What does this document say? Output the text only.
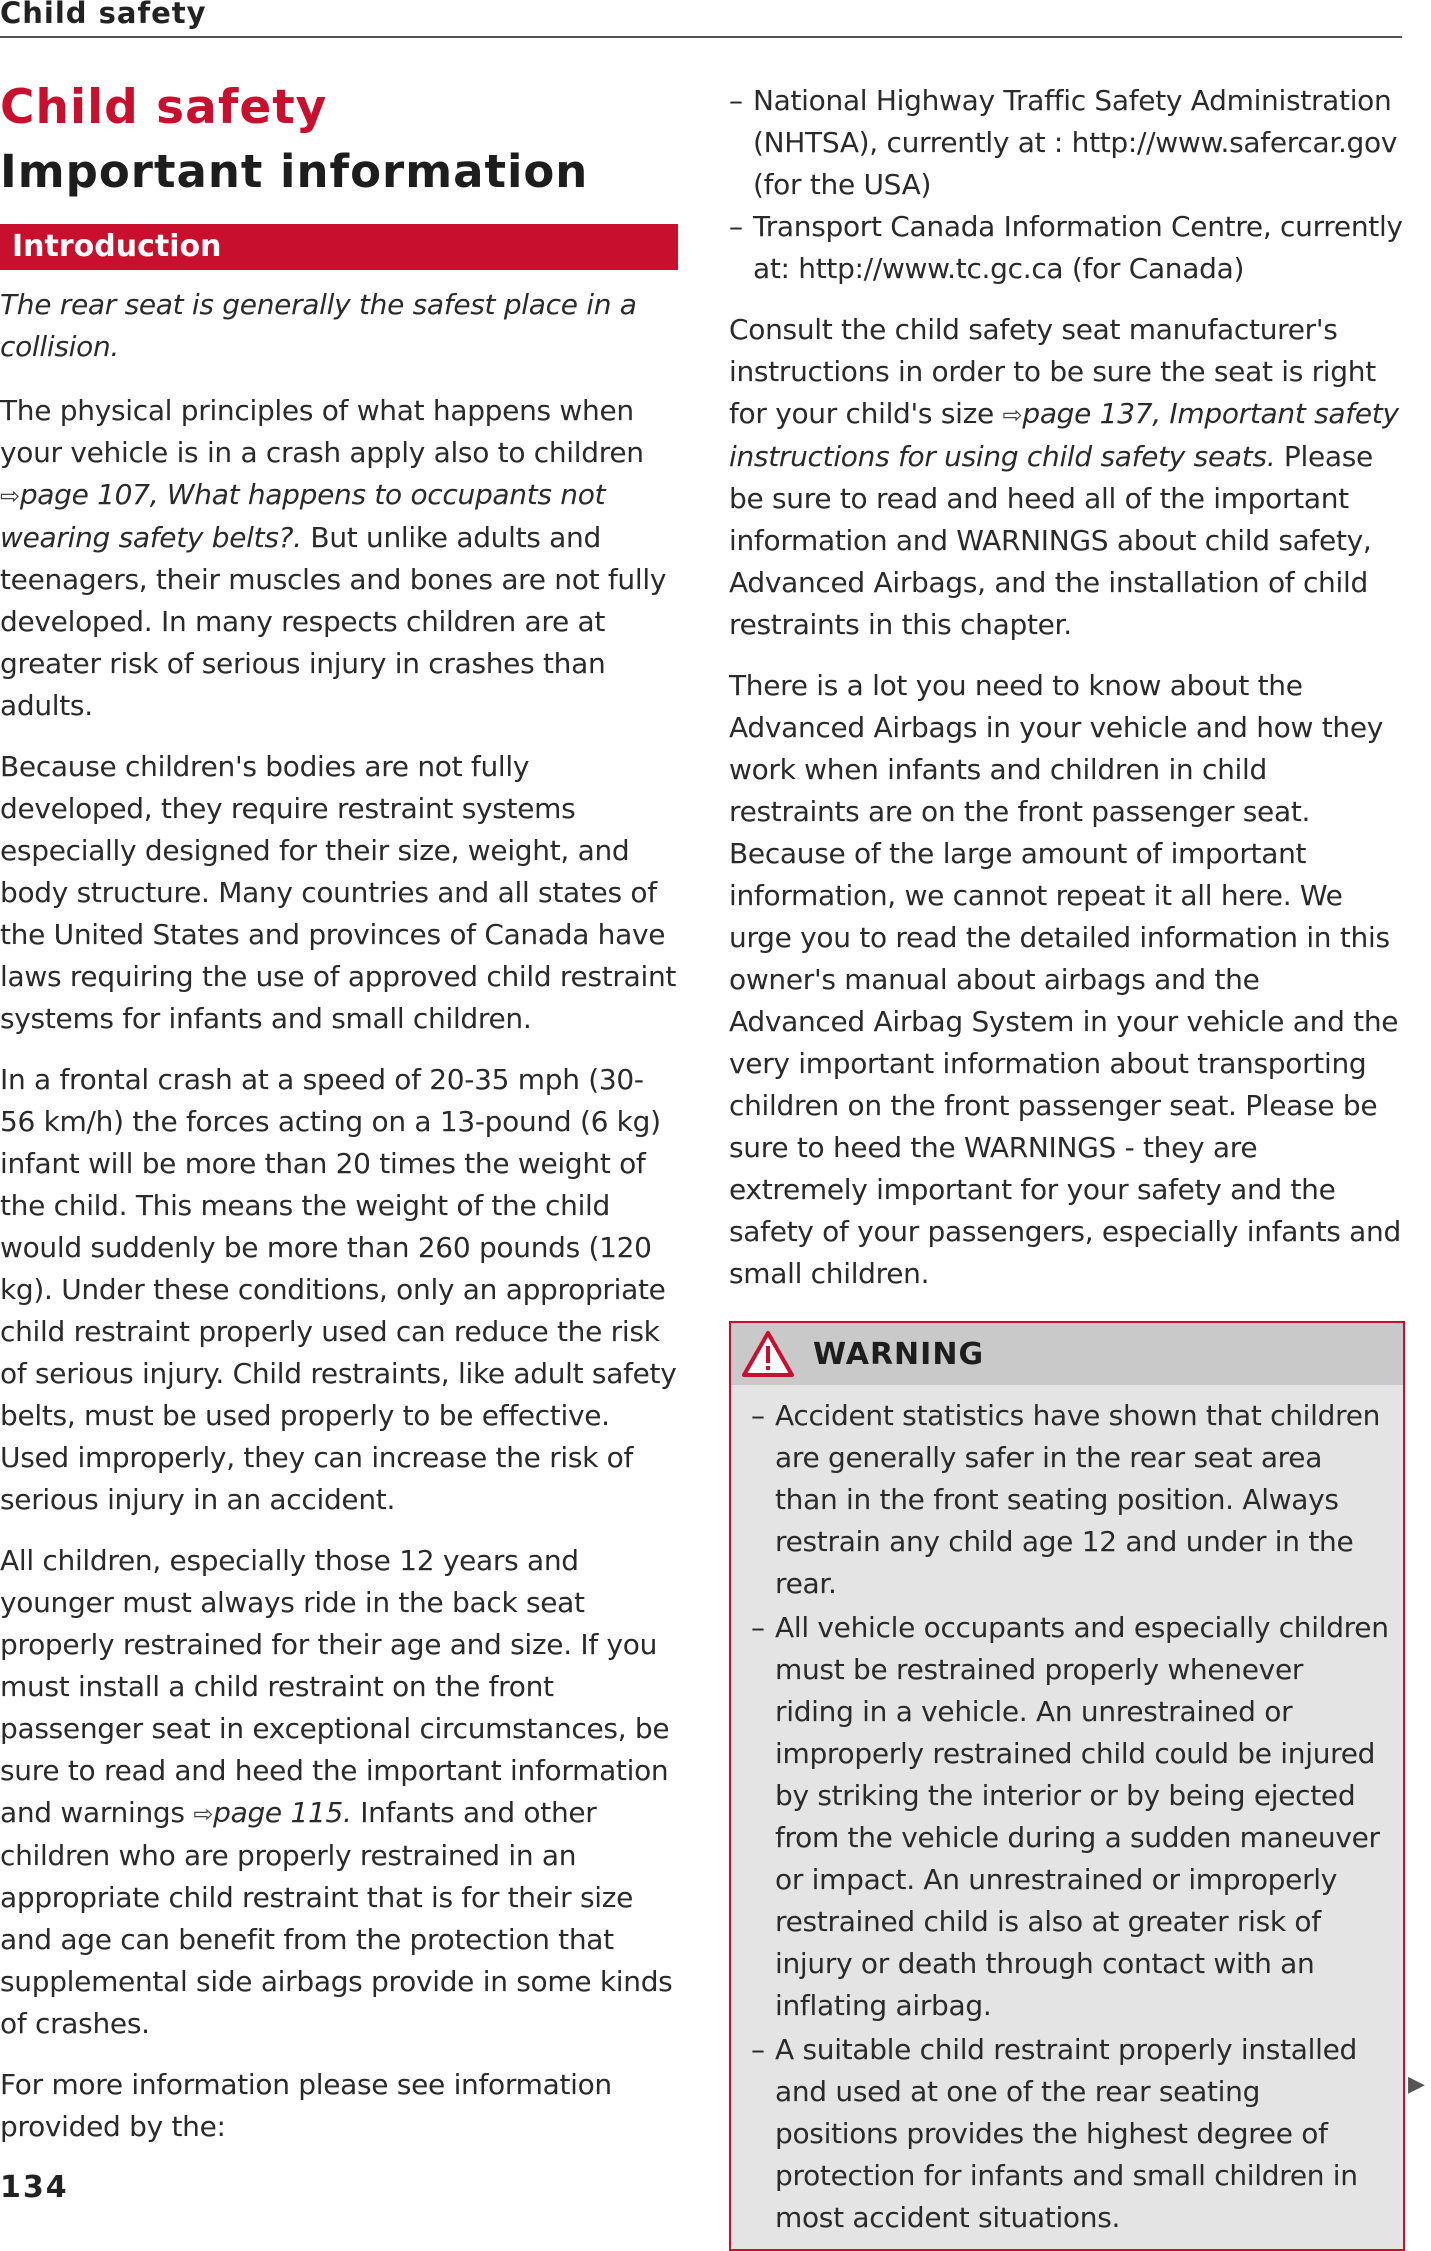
Child safety
Child safety
Important information
Introduction

The rear seat is generally the safest place in a collision.

The physical principles of what happens when your vehicle is in a crash apply also to children ⇨page 107, What happens to occupants not wearing safety belts?. But unlike adults and teenagers, their muscles and bones are not fully developed. In many respects children are at greater risk of serious injury in crashes than adults.

Because children's bodies are not fully developed, they require restraint systems especially designed for their size, weight, and body structure. Many countries and all states of the United States and provinces of Canada have laws requiring the use of approved child restraint systems for infants and small children.

In a frontal crash at a speed of 20-35 mph (30-56 km/h) the forces acting on a 13-pound (6 kg) infant will be more than 20 times the weight of the child. This means the weight of the child would suddenly be more than 260 pounds (120 kg). Under these conditions, only an appropriate child restraint properly used can reduce the risk of serious injury. Child restraints, like adult safety belts, must be used properly to be effective. Used improperly, they can increase the risk of serious injury in an accident.

All children, especially those 12 years and younger must always ride in the back seat properly restrained for their age and size. If you must install a child restraint on the front passenger seat in exceptional circumstances, be sure to read and heed the important information and warnings ⇨page 115. Infants and other children who are properly restrained in an appropriate child restraint that is for their size and age can benefit from the protection that supplemental side airbags provide in some kinds of crashes.

For more information please see information provided by the:

– National Highway Traffic Safety Administration (NHTSA), currently at : http://www.safercar.gov (for the USA)
– Transport Canada Information Centre, currently at: http://www.tc.gc.ca (for Canada)

Consult the child safety seat manufacturer's instructions in order to be sure the seat is right for your child's size ⇨page 137, Important safety instructions for using child safety seats. Please be sure to read and heed all of the important information and WARNINGS about child safety, Advanced Airbags, and the installation of child restraints in this chapter.

There is a lot you need to know about the Advanced Airbags in your vehicle and how they work when infants and children in child restraints are on the front passenger seat. Because of the large amount of important information, we cannot repeat it all here. We urge you to read the detailed information in this owner's manual about airbags and the Advanced Airbag System in your vehicle and the very important information about transporting children on the front passenger seat. Please be sure to heed the WARNINGS - they are extremely important for your safety and the safety of your passengers, especially infants and small children.

WARNING
– Accident statistics have shown that children are generally safer in the rear seat area than in the front seating position. Always restrain any child age 12 and under in the rear.
– All vehicle occupants and especially children must be restrained properly whenever riding in a vehicle. An unrestrained or improperly restrained child could be injured by striking the interior or by being ejected from the vehicle during a sudden maneuver or impact. An unrestrained or improperly restrained child is also at greater risk of injury or death through contact with an inflating airbag.
– A suitable child restraint properly installed and used at one of the rear seating positions provides the highest degree of protection for infants and small children in most accident situations.
▶
134
